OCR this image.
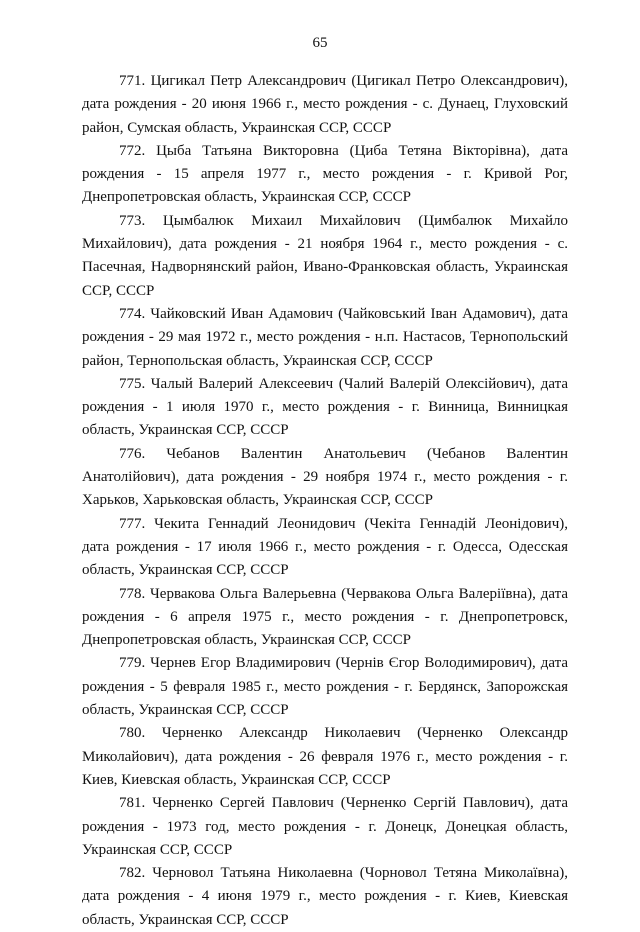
65

771. Цигикал Петр Александрович (Цигикал Петро Олександрович), дата рождения - 20 июня 1966 г., место рождения - с. Дунаец, Глуховский район, Сумская область, Украинская ССР, СССР

772. Цыба Татьяна Викторовна (Циба Тетяна Вікторівна), дата рождения - 15 апреля 1977 г., место рождения - г. Кривой Рог, Днепропетровская область, Украинская ССР, СССР

773. Цымбалюк Михаил Михайлович (Цимбалюк Михайло Михайлович), дата рождения - 21 ноября 1964 г., место рождения - с. Пасечная, Надворнянский район, Ивано-Франковская область, Украинская ССР, СССР

774. Чайковский Иван Адамович (Чайковський Іван Адамович), дата рождения - 29 мая 1972 г., место рождения - н.п. Настасов, Тернопольский район, Тернопольская область, Украинская ССР, СССР

775. Чалый Валерий Алексеевич (Чалий Валерій Олексійович), дата рождения - 1 июля 1970 г., место рождения - г. Винница, Винницкая область, Украинская ССР, СССР

776. Чебанов Валентин Анатольевич (Чебанов Валентин Анатолійович), дата рождения - 29 ноября 1974 г., место рождения - г. Харьков, Харьковская область, Украинская ССР, СССР

777. Чекита Геннадий Леонидович (Чекіта Геннадій Леонідович), дата рождения - 17 июля 1966 г., место рождения - г. Одесса, Одесская область, Украинская ССР, СССР

778. Червакова Ольга Валерьевна (Червакова Ольга Валеріївна), дата рождения - 6 апреля 1975 г., место рождения - г. Днепропетровск, Днепропетровская область, Украинская ССР, СССР

779. Чернев Егор Владимирович (Чернів Єгор Володимирович), дата рождения - 5 февраля 1985 г., место рождения - г. Бердянск, Запорожская область, Украинская ССР, СССР

780. Черненко Александр Николаевич (Черненко Олександр Миколайович), дата рождения - 26 февраля 1976 г., место рождения - г. Киев, Киевская область, Украинская ССР, СССР

781. Черненко Сергей Павлович (Черненко Сергій Павлович), дата рождения - 1973 год, место рождения - г. Донецк, Донецкая область, Украинская ССР, СССР

782. Черновол Татьяна Николаевна (Чорновол Тетяна Миколаївна), дата рождения - 4 июня 1979 г., место рождения - г. Киев, Киевская область, Украинская ССР, СССР
